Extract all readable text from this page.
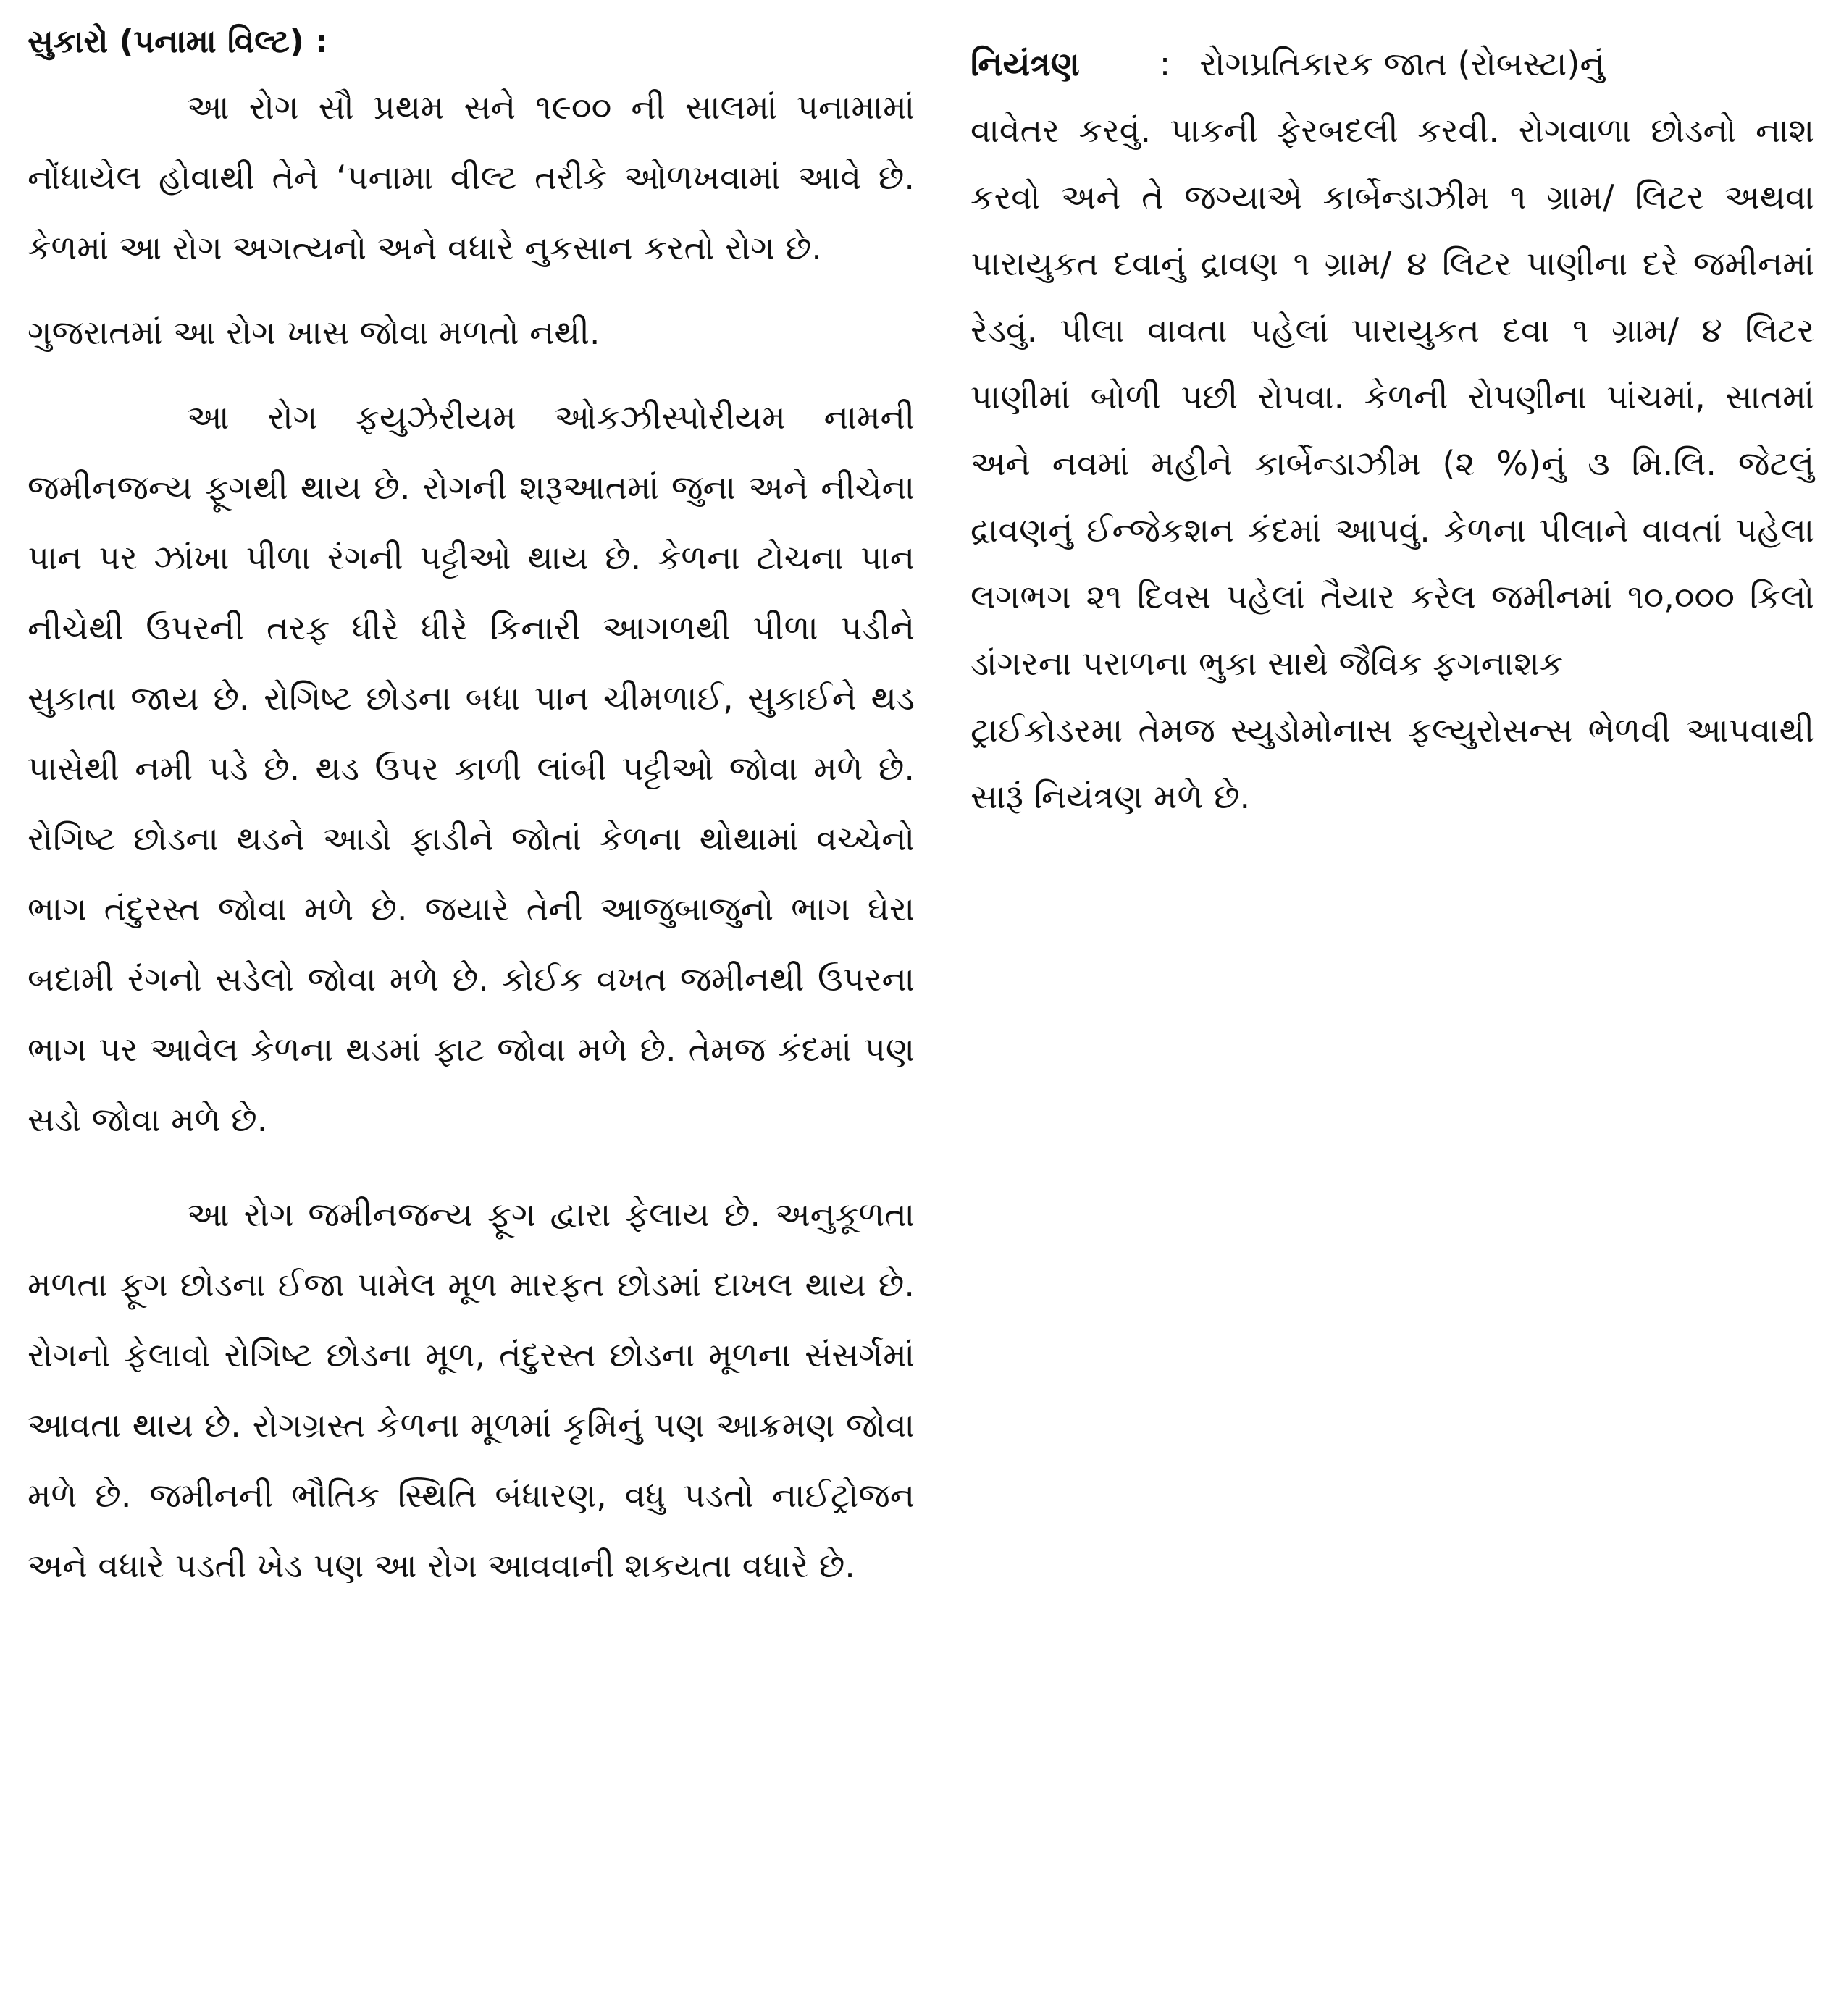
સુકારો (પનામા વિલ્ટ) :

આ રોગ સૌ પ્રથમ સને ૧૯૦૦ ની સાલમાં પનામામાં નોંધાયેલ હોવાથી તેને ‘પનામા વીલ્ટ તરીકે ઓળખવામાં આવે છે. કેળમાં આ રોગ અગત્યનો અને વધારે નુકસાન કરતો રોગ છે.

ગુજરાતમાં આ રોગ ખાસ જોવા મળતો નથી.

આ રોગ ફયુઝેરીયમ ઓકઝીસ્પોરીયમ નામની જમીનજન્ય ફૂગથી થાય છે. રોગની શરૂઆતમાં જુના અને નીચેના પાન પર ઝાંખા પીળા રંગની પટ્ટીઓ થાય છે. કેળના ટોચના પાન નીચેથી ઉપરની તરફ ધીરે ધીરે કિનારી આગળથી પીળા પડીને સુકાતા જાય છે. રોગિષ્ટ છોડના બધા પાન ચીમળાઈ, સુકાઈને થડ પાસેથી નમી પડે છે. થડ ઉપર કાળી લાંબી પટ્ટીઓ જોવા મળે છે. રોગિષ્ટ છોડના થડને આડો ફાડીને જોતાં કેળના થોથામાં વચ્ચેનો ભાગ તંદુરસ્ત જોવા મળે છે. જયારે તેની આજુબાજુનો ભાગ ઘેરા બદામી રંગનો સડેલો જોવા મળે છે. કોઈક વખત જમીનથી ઉપરના ભાગ પર આવેલ કેળના થડમાં ફાટ જોવા મળે છે. તેમજ કંદમાં પણ સડો જોવા મળે છે.

આ રોગ જમીનજન્ય ફૂગ દ્વારા ફેલાય છે. અનુકૂળતા મળતા ફૂગ છોડના ઈજા પામેલ મૂળ મારફત છોડમાં દાખલ થાય છે. રોગનો ફેલાવો રોગિષ્ટ છોડના મૂળ, તંદુરસ્ત છોડના મૂળના સંસર્ગમાં આવતા થાય છે. રોગગ્રસ્ત કેળના મૂળમાં કૃમિનું પણ આક્રમણ જોવા મળે છે. જમીનની ભૌતિક સ્થિતિ બંધારણ, વધુ પડતો નાઈટ્રોજન અને વધારે પડતી ખેડ પણ આ રોગ આવવાની શકયતા વધારે છે.

નિયંત્રણ : રોગપ્રતિકારક જાત (રોબસ્ટા)નું

વાવેતર કરવું. પાકની ફેરબદલી કરવી. રોગવાળા છોડનો નાશ કરવો અને તે જગ્યાએ કાર્બેન્ડાઝીમ ૧ ગ્રામ/ લિટર અથવા પારાયુકત દવાનું દ્રાવણ ૧ ગ્રામ/ ૪ લિટર પાણીના દરે જમીનમાં રેડવું. પીલા વાવતા પહેલાં પારાયુકત દવા ૧ ગ્રામ/ ૪ લિટર પાણીમાં બોળી પછી રોપવા. કેળની રોપણીના પાંચમાં, સાતમાં અને નવમાં મહીને કાર્બેન્ડાઝીમ (૨ %)નું ૩ મિ.લિ. જેટલું દ્રાવણનું ઈન્જેકશન કંદમાં આપવું. કેળના પીલાને વાવતાં પહેલા લગભગ ૨૧ દિવસ પહેલાં તૈયાર કરેલ જમીનમાં ૧૦,૦૦૦ કિલો ડાંગરના પરાળના ભુકા સાથે જૈવિક ફગનાશક

ટ્રાઈકોડરમા તેમજ સ્યુડોમોનાસ ફલ્યુરોસન્સ ભેળવી આપવાથી સારૂં નિયંત્રણ મળે છે.
